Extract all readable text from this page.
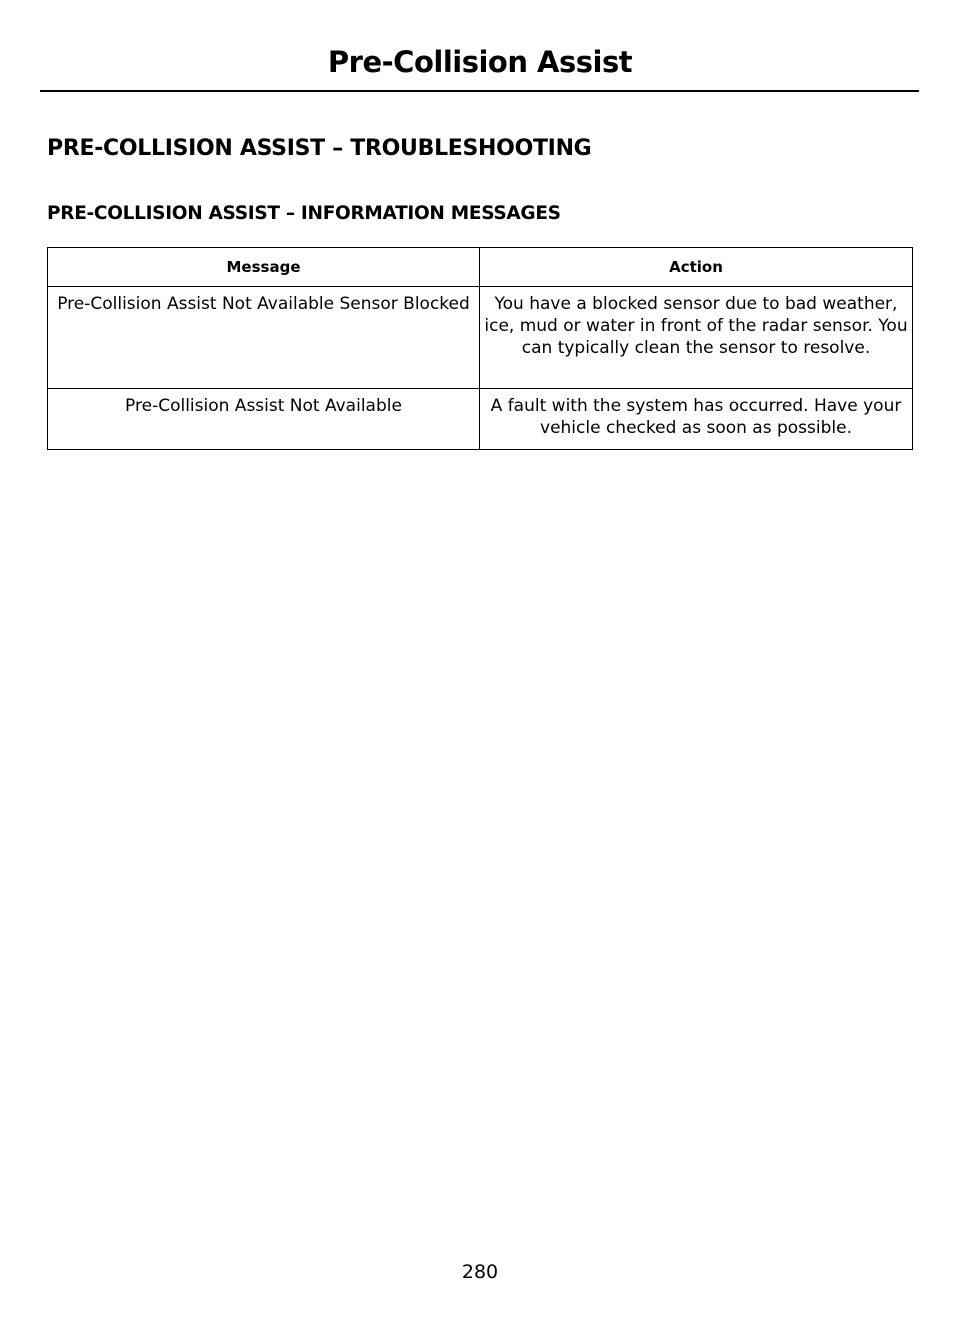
Pre-Collision Assist
PRE-COLLISION ASSIST – TROUBLESHOOTING
PRE-COLLISION ASSIST – INFORMATION MESSAGES
Message	Action
Pre-Collision Assist Not Available Sensor Blocked	You have a blocked sensor due to bad weather, ice, mud or water in front of the radar sensor. You can typically clean the sensor to resolve.
Pre-Collision Assist Not Available	A fault with the system has occurred. Have your vehicle checked as soon as possible.
280
